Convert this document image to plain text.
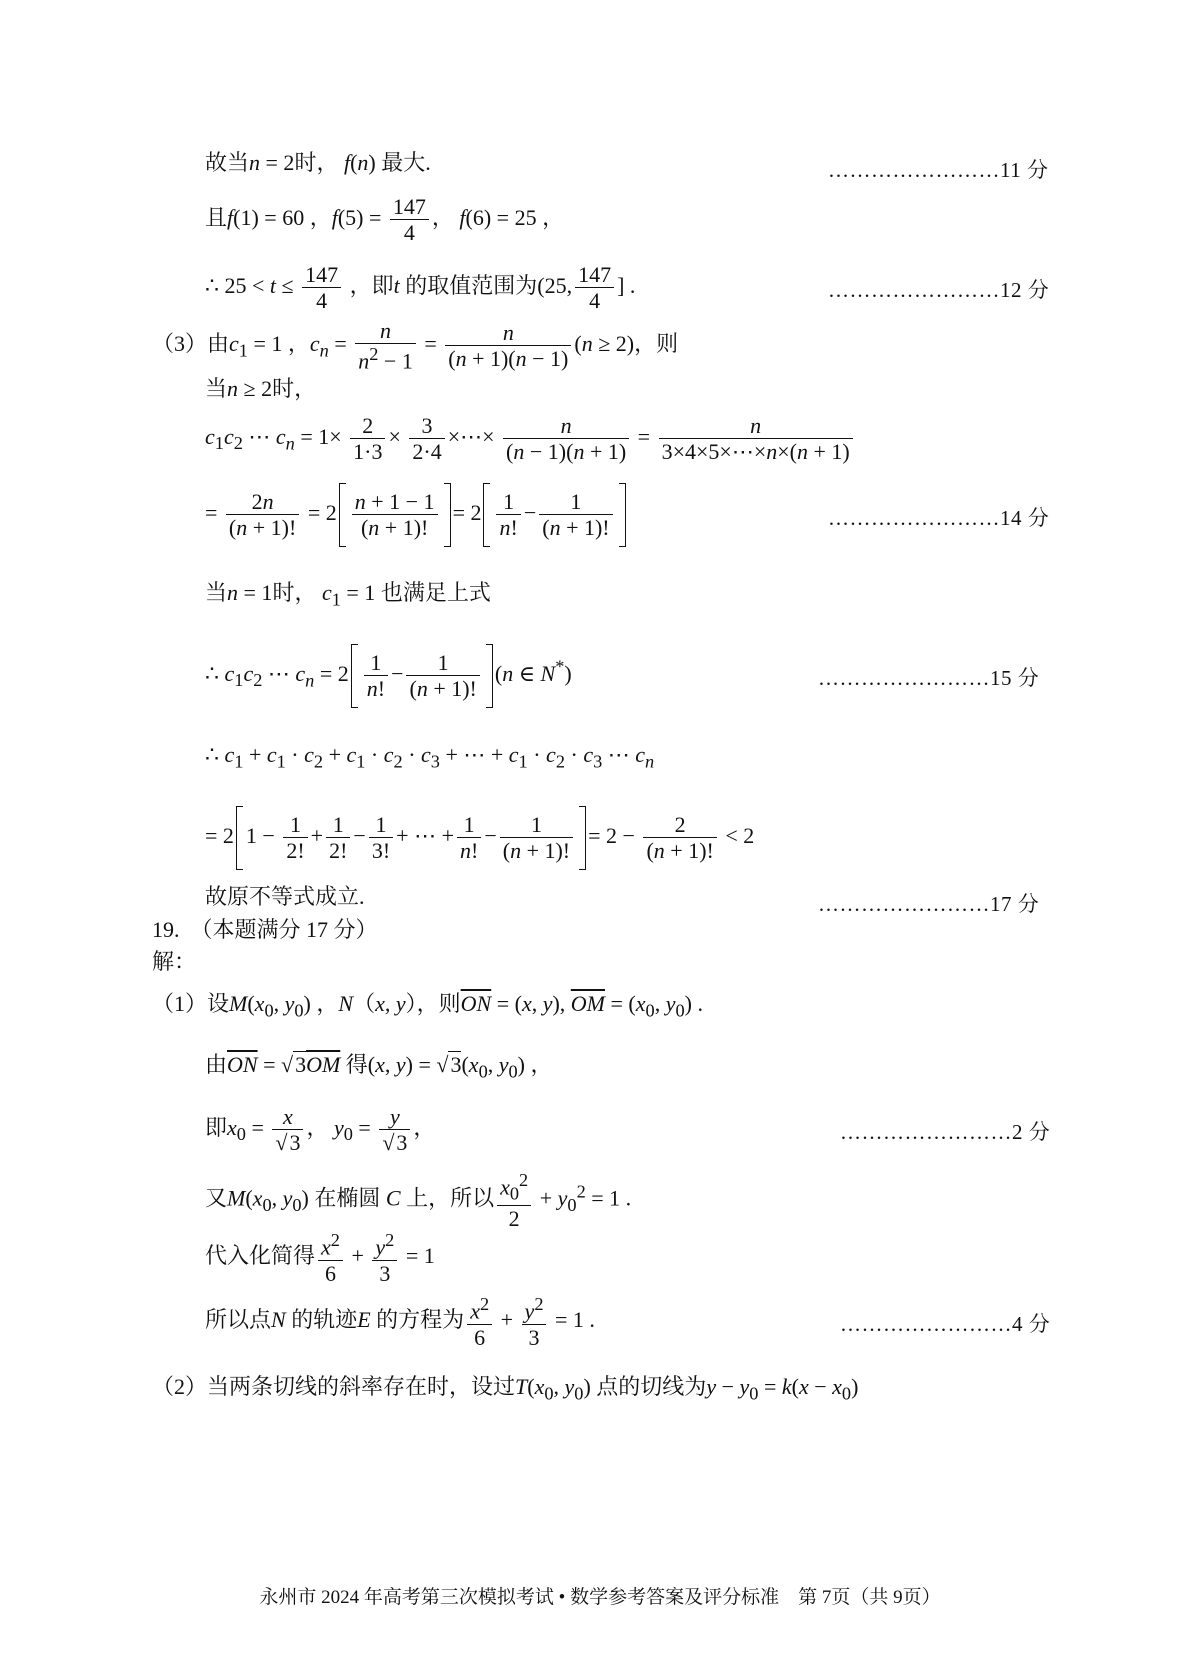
故当n = 2时， f(n) 最大.	……………………11 分
且f(1) = 60 ，$f(5) = \frac{147}{4}$ ， f(6) = 25 ，
∴ $25 < t \le \frac{147}{4}$ ，即t 的取值范围为(25, $\frac{147}{4}$ ] .	……………………12 分
（3）由$c_1 = 1$ ，$c_n = \frac{n}{n^2 - 1} = \frac{n}{(n + 1)(n - 1)} (n \ge 2)$，则
当n ≥ 2时，
$c_1c_2$ ⋯ $c_n = 1\times \frac{2}{1\cdot 3} \times \frac{3}{2\cdot 4}$ ×⋯× $\frac{n}{(n - 1)(n + 1)} = \frac{n}{3\times 4\times 5\times\cdots\times n\times(n + 1)}$
= $\frac{2n}{(n + 1)!} = 2 \frac{n + 1 - 1}{(n + 1)!} = 2 \frac{1}{n!} - \frac{1}{(n + 1)!}$	……………………14 分
当n = 1时， $c_1 = 1$ 也满足上式
∴ $c_1c_2$ ⋯ $c_n = 2 \frac{1}{n!} - \frac{1}{(n + 1)!} (n$ ∈ N*)	……………………15 分
∴ $c_1 + c_1 \cdot c_2 + c_1 \cdot c_2 \cdot c_3$ + ⋯ + $c_1 \cdot c_2 \cdot c_3$ ⋯ $c_n$
= 2 $1 - \frac{1}{2!} + \frac{1}{2!} - \frac{1}{3!}$ + ⋯ + $\frac{1}{n!} - \frac{1}{(n + 1)!} = 2 - \frac{2}{(n + 1)!} < 2$
故原不等式成立.	……………………17 分
19.　（本题满分 17 分）
解：
（1）设$M(x_0$, $y_0$) ，N（x, y），则$\overline{ON} = (x$, y), $\overline{OM} = (x_0$, $y_0$) .
由$\overline{ON} = √3\overline{OM}$ 得(x, $y) = √3(x_0$, $y_0$) ，
即$x_0 = \frac{x}{√3}$ ， $y_0 = \frac{y}{√3}$ ，	……………………2 分
又$M(x_0$, $y_0$) 在椭圆 C 上，所以 $\frac{x_0^2}{2} + y_0^2 = 1$ .
代入化简得 $\frac{x^2}{6} + \frac{y^2}{3} = 1$
所以点N 的轨迹E 的方程为 $\frac{x^2}{6} + \frac{y^2}{3} = 1$ .	……………………4 分
（2）当两条切线的斜率存在时，设过$T(x_0$, $y_0$) 点的切线为$y - y_0 = k(x - x_0)$
永州市 2024 年高考第三次模拟考试 • 数学参考答案及评分标准　第 7页（共 9页）
